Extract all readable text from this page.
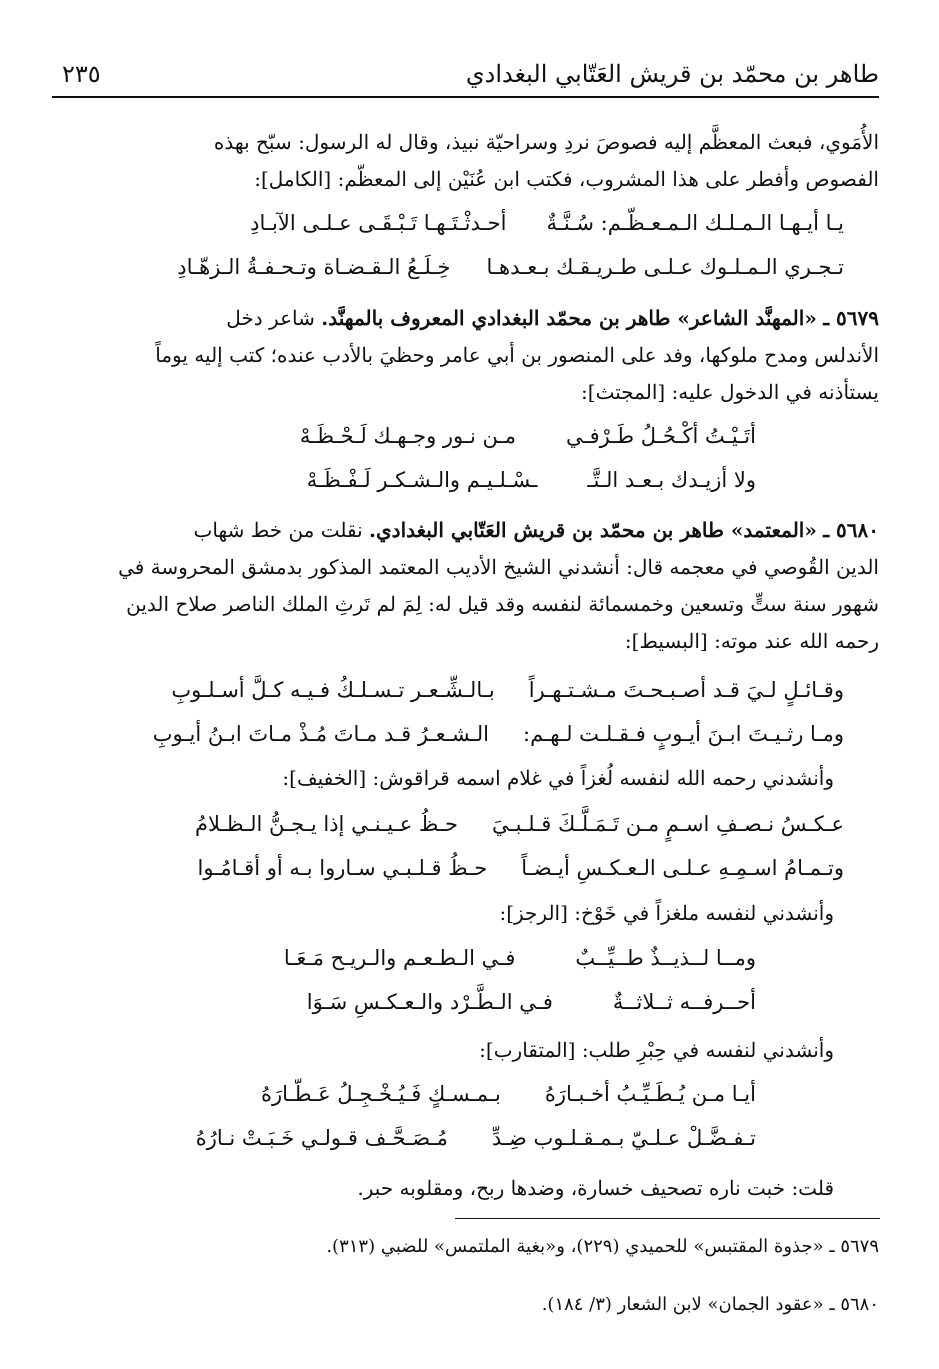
طاهر بن محمّد بن قريش العَتّابي البغدادي
٢٣٥
الأُمَوي، فبعث المعظَّم إليه فصوصَ نردِ وسراحيّة نبيذ، وقال له الرسول: سبّح بهذه
الفصوص وأفطر على هذا المشروب، فكتب ابن عُنَيْن إلى المعظّم: [الكامل]:
يـا أيـهـا الـمـلـك الـمـعـظّـم: سُـنَّـةٌ
أحـدثْـتَـهـا تَـبْـقَـى عـلـى الآبـادِ
تـجـري الـمـلـوك عـلـى طـريـقـك بـعـدهـا
خِـلَـعُ الـقـضـاة وتـحـفـةُ الـزهّـادِ
٥٦٧٩ ـ «المهنَّد الشاعر» طاهر بن محمّد البغدادي المعروف بالمهنَّد. شاعر دخل
الأندلس ومدح ملوكها، وفد على المنصور بن أبي عامر وحظيَ بالأدب عنده؛ كتب إليه يوماً
يستأذنه في الدخول عليه: [المجتث]:
أتَـيْـتُ أكْـحُـلُ طَـرْفـي
مـن نـور وجـهـك لَـحْـظَـهْ
ولا أزيـدك بـعـد الـتَّـ
ـسْـلـيـم والـشـكـر لَـفْـظَـهْ
٥٦٨٠ ـ «المعتمد» طاهر بن محمّد بن قريش العَتّابي البغدادي. نقلت من خط شهاب
الدين القُوصي في معجمه قال: أنشدني الشيخ الأديب المعتمد المذكور بدمشق المحروسة في
شهور سنة ستٍّ وتسعين وخمسمائة لنفسه وقد قيل له: لِمَ لم تَرثِ الملك الناصر صلاح الدين
رحمه الله عند موته: [البسيط]:
وقـائـلٍ لـيَ قـد أصـبـحـتَ مـشـتـهـراً
بـالـشِّـعـر تـسـلـكُ فـيـه كـلَّ أسـلـوبِ
ومـا رثـيـتَ ابـنَ أيـوبٍ فـقـلـت لـهـم:
الـشـعـرُ قـد مـاتَ مُـذْ مـاتَ ابـنُ أيـوبِ
وأنشدني رحمه الله لنفسه لُغزاً في غلام اسمه قراقوش: [الخفيف]:
عـكـسُ نـصـفِ اسـمٍ مـن تَـمَـلَّـكَ قـلـبـيَ
حـظُ عـيـنـي إذا يـجـنُّ الـظـلامُ
وتـمـامُ اسـمِـهِ عـلـى الـعـكـسِ أيـضـاً
حـظُ قـلـبـي سـاروا بـه أو أقـامُـوا
وأنشدني لنفسه ملغزاً في خَوْخ: [الرجز]:
ومــا لــذيــذٌ طــيِّــبٌ
فـي الـطـعـم والـريـح مَـعَـا
أحــرفــه ثــلاثــةٌ
فـي الـطَّـرْد والـعـكـسِ سَـوَا
وأنشدني لنفسه في حِبْرِ طلب: [المتقارب]:
أيـا مـن يُـطَـيِّـبُ أخـبـارَهُ
بـمـسـكٍ فَـيُـخْـجِـلُ عَـطّـارَهُ
تـفـضَّـلْ عـلـيّ بـمـقـلـوب ضِـدِّ
مُـصَـحَّـف قـولـي خَـبَـتْ نـارُهُ
قلت: خبت ناره تصحيف خسارة، وضدها ربح، ومقلوبه حبر.
٥٦٧٩ ـ «جذوة المقتبس» للحميدي (٢٢٩)، و«بغية الملتمس» للضبي (٣١٣).
٥٦٨٠ ـ «عقود الجمان» لابن الشعار (٣/ ١٨٤).
